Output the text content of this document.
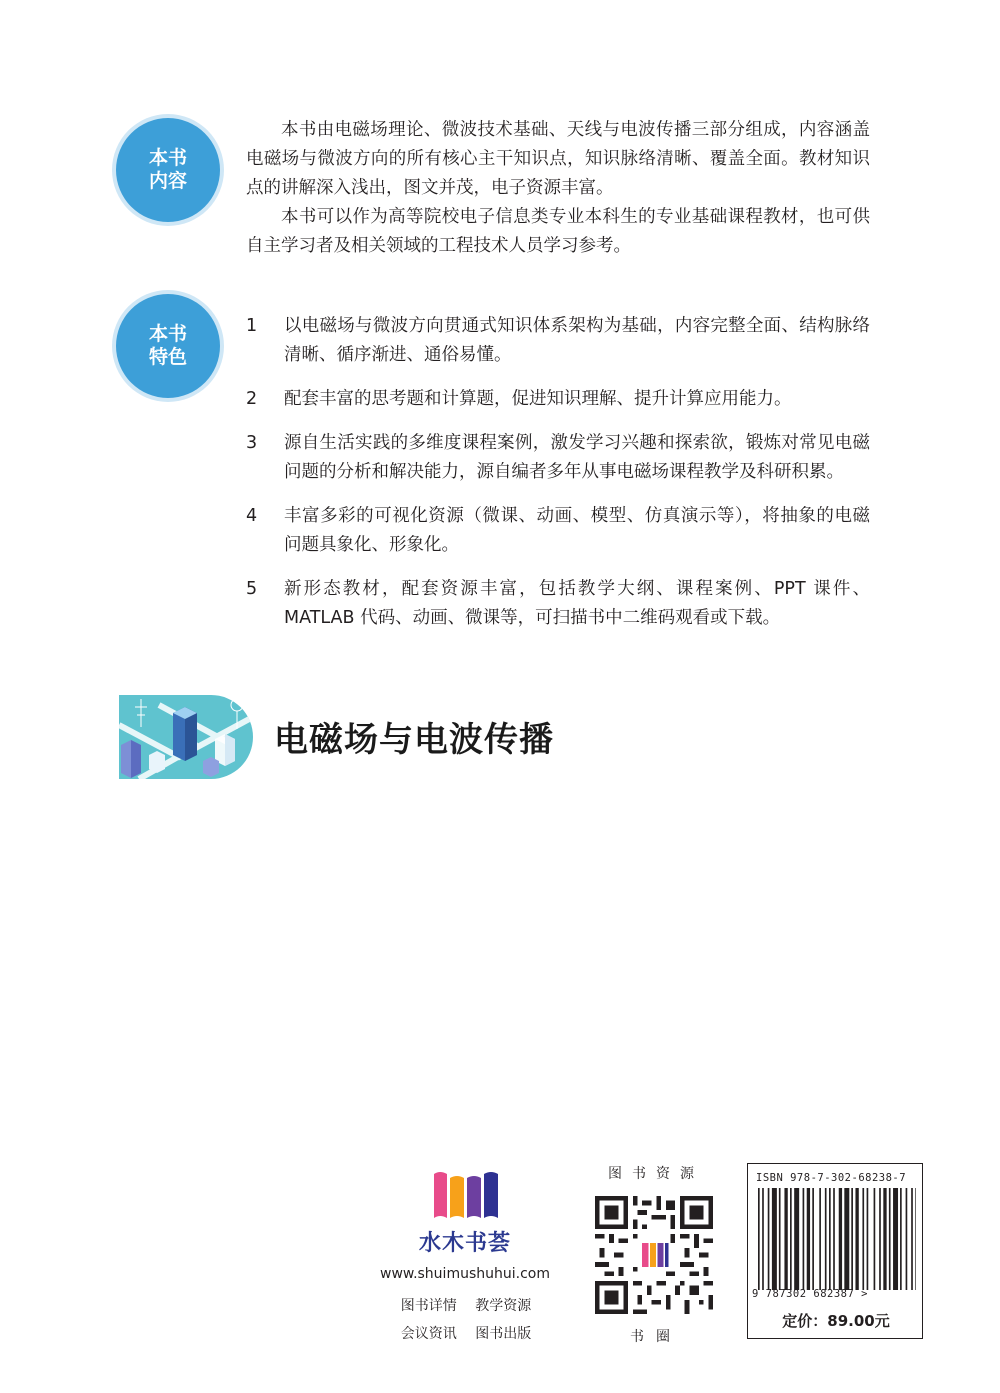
本书
内容

本书由电磁场理论、微波技术基础、天线与电波传播三部分组成，内容涵盖电磁场与微波方向的所有核心主干知识点，知识脉络清晰、覆盖全面。教材知识点的讲解深入浅出，图文并茂，电子资源丰富。

本书可以作为高等院校电子信息类专业本科生的专业基础课程教材，也可供自主学习者及相关领域的工程技术人员学习参考。

本书
特色
1	以电磁场与微波方向贯通式知识体系架构为基础，内容完整全面、结构脉络清晰、循序渐进、通俗易懂。
2	配套丰富的思考题和计算题，促进知识理解、提升计算应用能力。
3	源自生活实践的多维度课程案例，激发学习兴趣和探索欲，锻炼对常见电磁问题的分析和解决能力，源自编者多年从事电磁场课程教学及科研积累。
4	丰富多彩的可视化资源（微课、动画、模型、仿真演示等），将抽象的电磁问题具象化、形象化。
5	新形态教材，配套资源丰富，包括教学大纲、课程案例、PPT 课件、MATLAB 代码、动画、微课等，可扫描书中二维码观看或下载。
电磁场与电波传播
水木书荟
www.shuimushuhui.com
图书详情 教学资源
会议资讯 图书出版
图书资源
书圈
ISBN 978-7-302-68238-7
9 787302 682387 >
定价：89.00元
